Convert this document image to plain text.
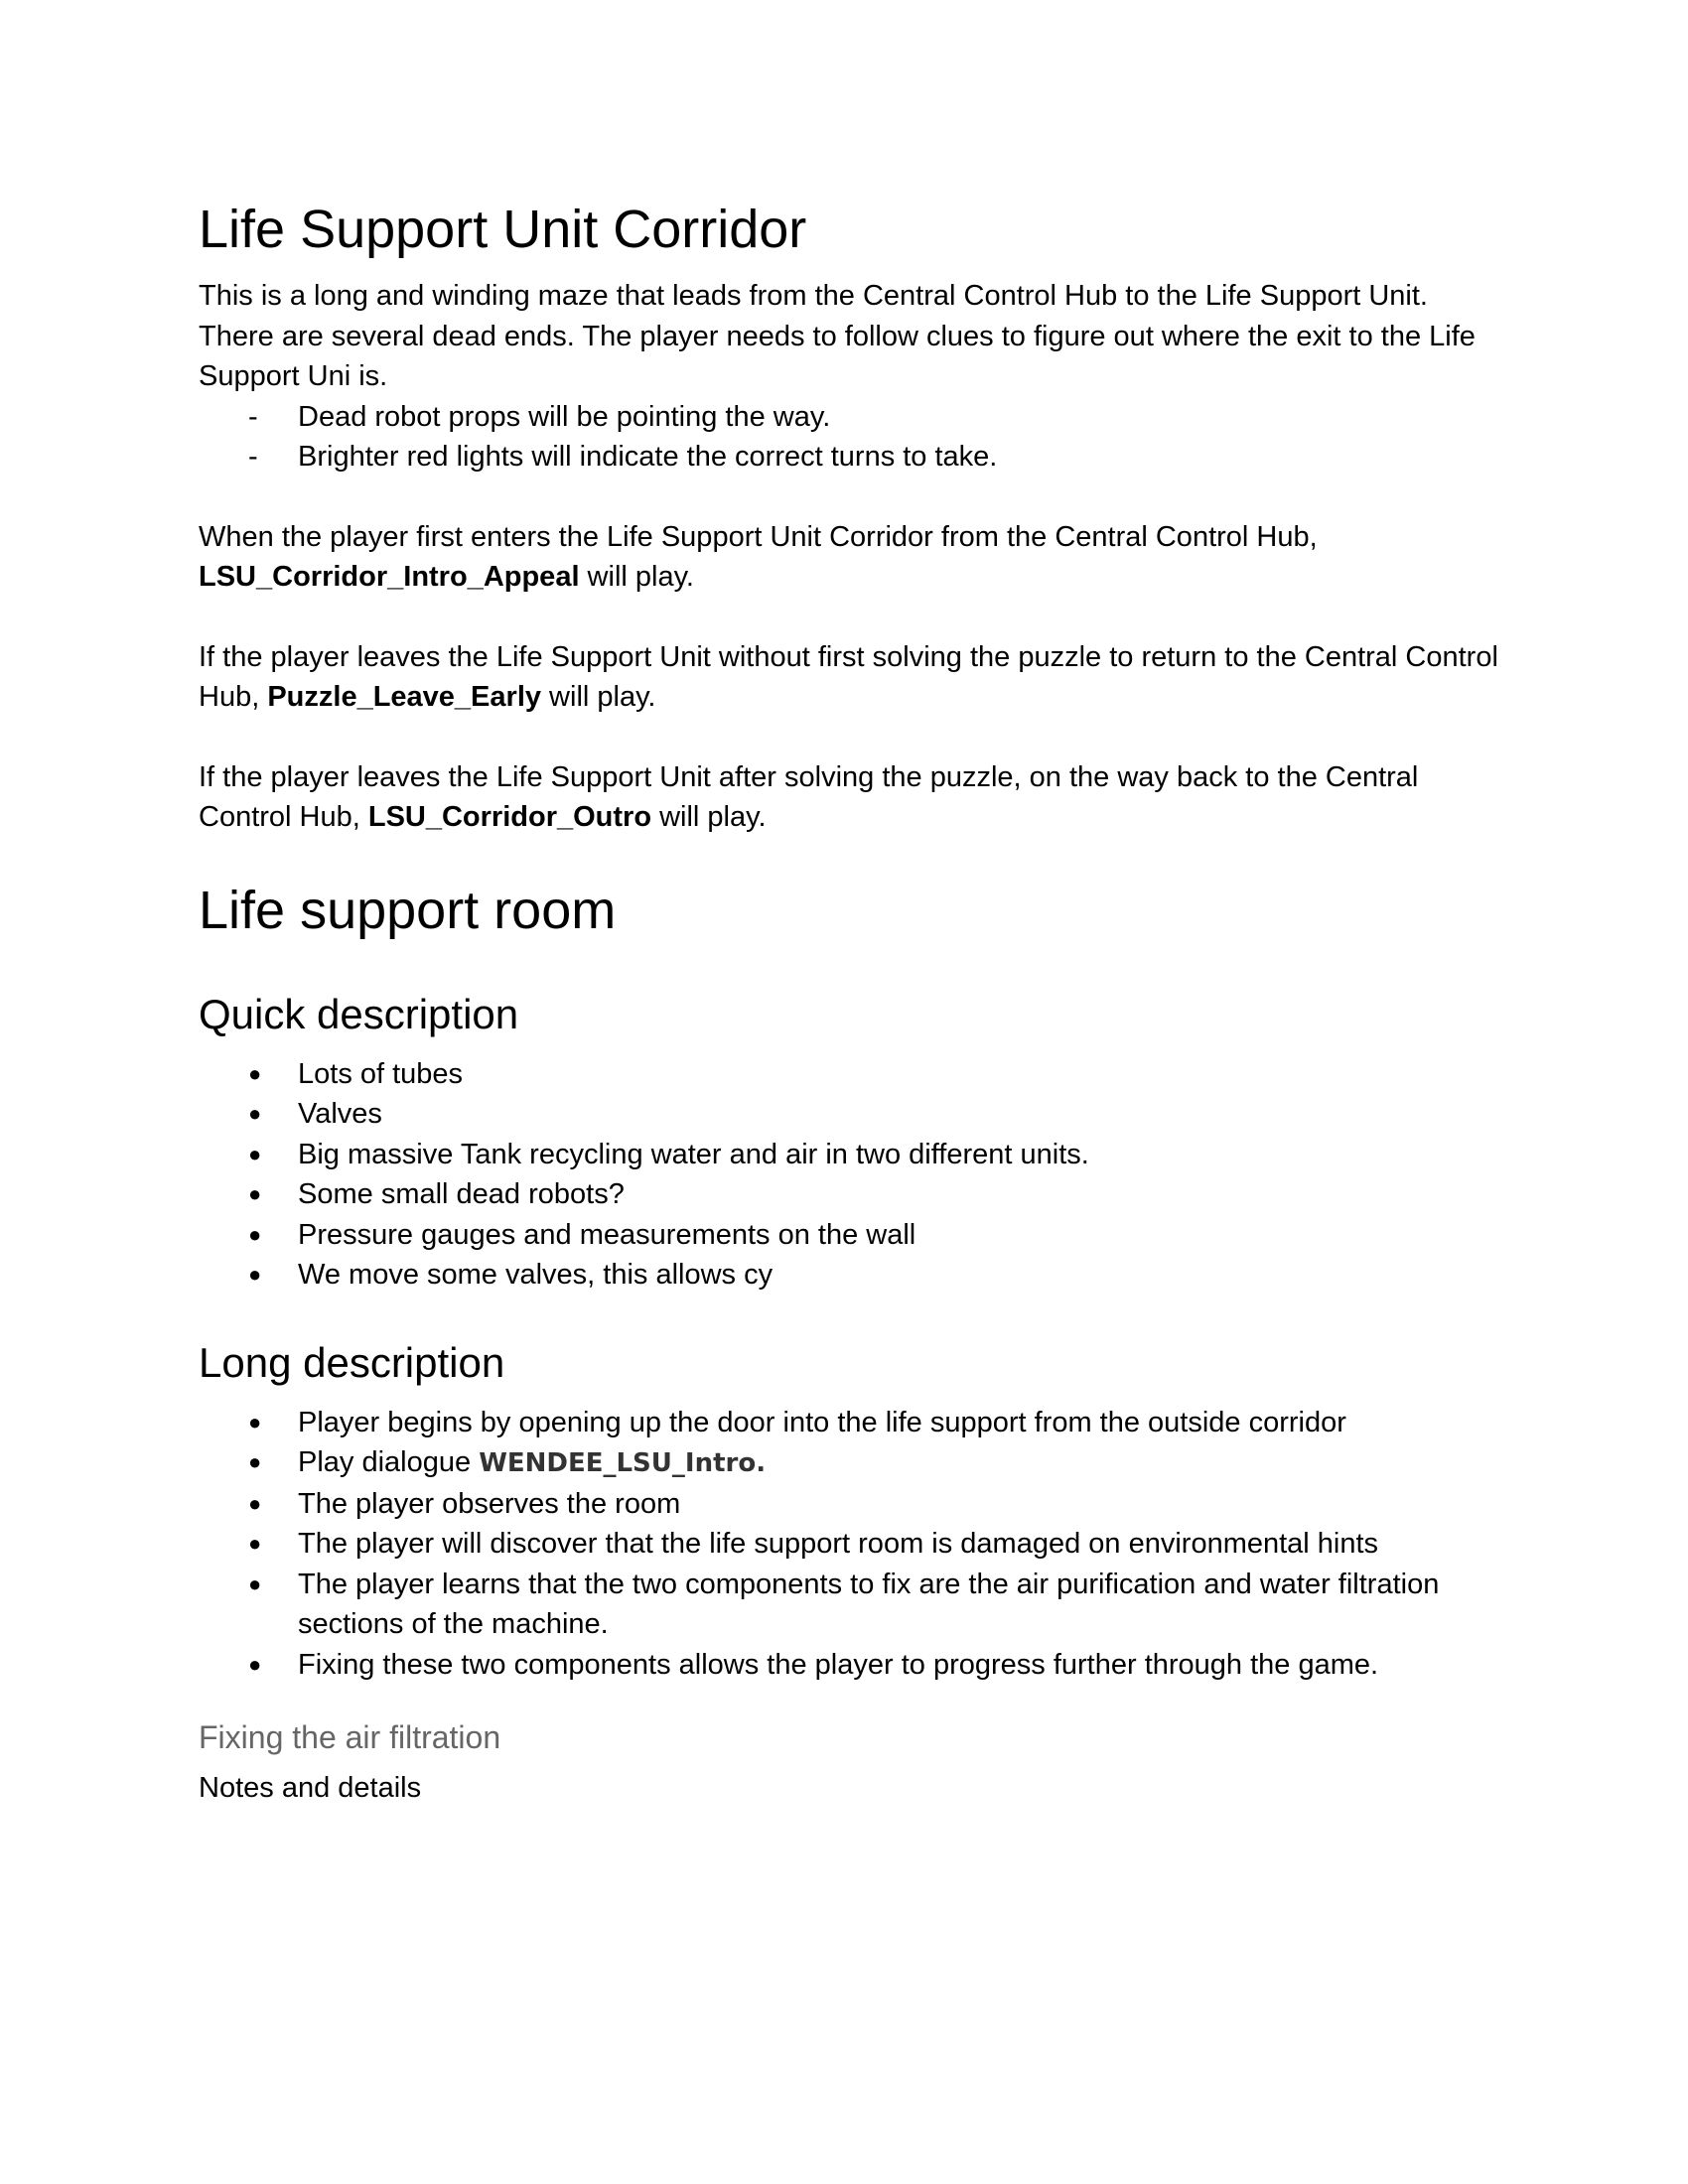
Life Support Unit Corridor

This is a long and winding maze that leads from the Central Control Hub to the Life Support Unit. There are several dead ends. The player needs to follow clues to figure out where the exit to the Life Support Uni is.

- Dead robot props will be pointing the way.
- Brighter red lights will indicate the correct turns to take.

When the player first enters the Life Support Unit Corridor from the Central Control Hub, LSU_Corridor_Intro_Appeal will play.

If the player leaves the Life Support Unit without first solving the puzzle to return to the Central Control Hub, Puzzle_Leave_Early will play.

If the player leaves the Life Support Unit after solving the puzzle, on the way back to the Central Control Hub, LSU_Corridor_Outro will play.

Life support room
Quick description
● Lots of tubes
● Valves
● Big massive Tank recycling water and air in two different units.
● Some small dead robots?
● Pressure gauges and measurements on the wall
● We move some valves, this allows cy
Long description
● Player begins by opening up the door into the life support from the outside corridor
● Play dialogue WENDEE_LSU_Intro.
● The player observes the room
● The player will discover that the life support room is damaged on environmental hints
● The player learns that the two components to fix are the air purification and water filtration sections of the machine.
● Fixing these two components allows the player to progress further through the game.
Fixing the air filtration

Notes and details
